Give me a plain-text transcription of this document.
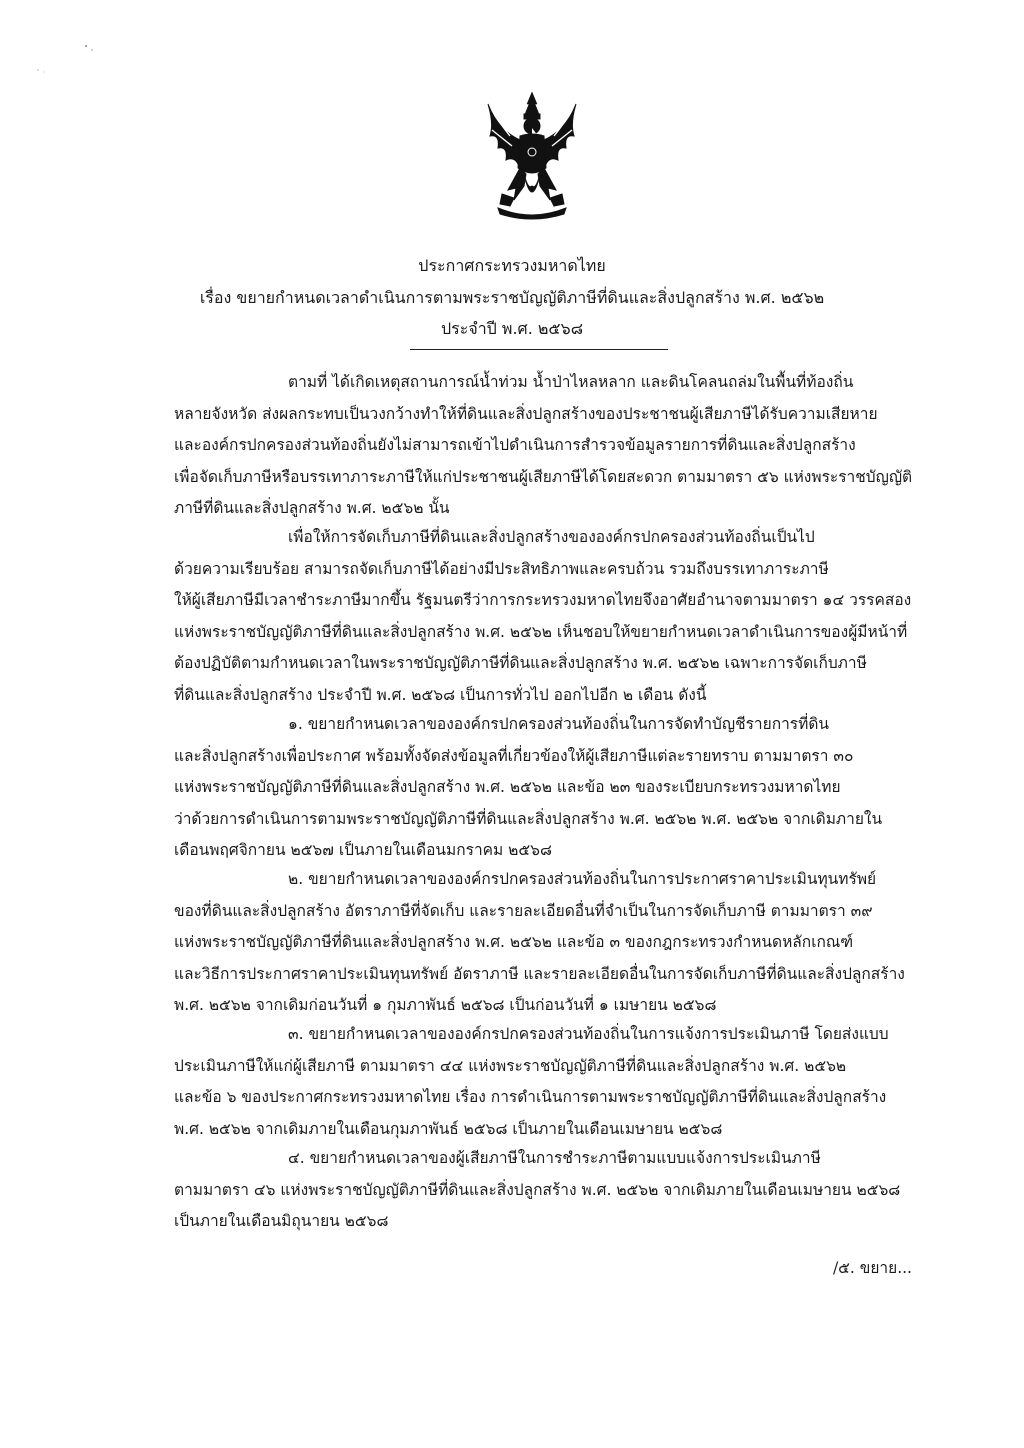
ประกาศกระทรวงมหาดไทย
เรื่อง ขยายกำหนดเวลาดำเนินการตามพระราชบัญญัติภาษีที่ดินและสิ่งปลูกสร้าง พ.ศ. ๒๕๖๒
ประจำปี พ.ศ. ๒๕๖๘
ตามที่ ได้เกิดเหตุสถานการณ์น้ำท่วม น้ำป่าไหลหลาก และดินโคลนถล่มในพื้นที่ท้องถิ่น
หลายจังหวัด ส่งผลกระทบเป็นวงกว้างทำให้ที่ดินและสิ่งปลูกสร้างของประชาชนผู้เสียภาษีได้รับความเสียหาย
และองค์กรปกครองส่วนท้องถิ่นยังไม่สามารถเข้าไปดำเนินการสำรวจข้อมูลรายการที่ดินและสิ่งปลูกสร้าง
เพื่อจัดเก็บภาษีหรือบรรเทาภาระภาษีให้แก่ประชาชนผู้เสียภาษีได้โดยสะดวก ตามมาตรา ๕๖ แห่งพระราชบัญญัติ
ภาษีที่ดินและสิ่งปลูกสร้าง พ.ศ. ๒๕๖๒ นั้น
เพื่อให้การจัดเก็บภาษีที่ดินและสิ่งปลูกสร้างขององค์กรปกครองส่วนท้องถิ่นเป็นไป
ด้วยความเรียบร้อย สามารถจัดเก็บภาษีได้อย่างมีประสิทธิภาพและครบถ้วน รวมถึงบรรเทาภาระภาษี
ให้ผู้เสียภาษีมีเวลาชำระภาษีมากขึ้น รัฐมนตรีว่าการกระทรวงมหาดไทยจึงอาศัยอำนาจตามมาตรา ๑๔ วรรคสอง
แห่งพระราชบัญญัติภาษีที่ดินและสิ่งปลูกสร้าง พ.ศ. ๒๕๖๒ เห็นชอบให้ขยายกำหนดเวลาดำเนินการของผู้มีหน้าที่
ต้องปฏิบัติตามกำหนดเวลาในพระราชบัญญัติภาษีที่ดินและสิ่งปลูกสร้าง พ.ศ. ๒๕๖๒ เฉพาะการจัดเก็บภาษี
ที่ดินและสิ่งปลูกสร้าง ประจำปี พ.ศ. ๒๕๖๘ เป็นการทั่วไป ออกไปอีก ๒ เดือน ดังนี้
๑. ขยายกำหนดเวลาขององค์กรปกครองส่วนท้องถิ่นในการจัดทำบัญชีรายการที่ดิน
และสิ่งปลูกสร้างเพื่อประกาศ พร้อมทั้งจัดส่งข้อมูลที่เกี่ยวข้องให้ผู้เสียภาษีแต่ละรายทราบ ตามมาตรา ๓๐
แห่งพระราชบัญญัติภาษีที่ดินและสิ่งปลูกสร้าง พ.ศ. ๒๕๖๒ และข้อ ๒๓ ของระเบียบกระทรวงมหาดไทย
ว่าด้วยการดำเนินการตามพระราชบัญญัติภาษีที่ดินและสิ่งปลูกสร้าง พ.ศ. ๒๕๖๒ พ.ศ. ๒๕๖๒ จากเดิมภายใน
เดือนพฤศจิกายน ๒๕๖๗ เป็นภายในเดือนมกราคม ๒๕๖๘
๒. ขยายกำหนดเวลาขององค์กรปกครองส่วนท้องถิ่นในการประกาศราคาประเมินทุนทรัพย์
ของที่ดินและสิ่งปลูกสร้าง อัตราภาษีที่จัดเก็บ และรายละเอียดอื่นที่จำเป็นในการจัดเก็บภาษี ตามมาตรา ๓๙
แห่งพระราชบัญญัติภาษีที่ดินและสิ่งปลูกสร้าง พ.ศ. ๒๕๖๒ และข้อ ๓ ของกฎกระทรวงกำหนดหลักเกณฑ์
และวิธีการประกาศราคาประเมินทุนทรัพย์ อัตราภาษี และรายละเอียดอื่นในการจัดเก็บภาษีที่ดินและสิ่งปลูกสร้าง
พ.ศ. ๒๕๖๒ จากเดิมก่อนวันที่ ๑ กุมภาพันธ์ ๒๕๖๘ เป็นก่อนวันที่ ๑ เมษายน ๒๕๖๘
๓. ขยายกำหนดเวลาขององค์กรปกครองส่วนท้องถิ่นในการแจ้งการประเมินภาษี โดยส่งแบบ
ประเมินภาษีให้แก่ผู้เสียภาษี ตามมาตรา ๔๔ แห่งพระราชบัญญัติภาษีที่ดินและสิ่งปลูกสร้าง พ.ศ. ๒๕๖๒
และข้อ ๖ ของประกาศกระทรวงมหาดไทย เรื่อง การดำเนินการตามพระราชบัญญัติภาษีที่ดินและสิ่งปลูกสร้าง
พ.ศ. ๒๕๖๒ จากเดิมภายในเดือนกุมภาพันธ์ ๒๕๖๘ เป็นภายในเดือนเมษายน ๒๕๖๘
๔. ขยายกำหนดเวลาของผู้เสียภาษีในการชำระภาษีตามแบบแจ้งการประเมินภาษี
ตามมาตรา ๔๖ แห่งพระราชบัญญัติภาษีที่ดินและสิ่งปลูกสร้าง พ.ศ. ๒๕๖๒ จากเดิมภายในเดือนเมษายน ๒๕๖๘
เป็นภายในเดือนมิถุนายน ๒๕๖๘
/๕. ขยาย...
